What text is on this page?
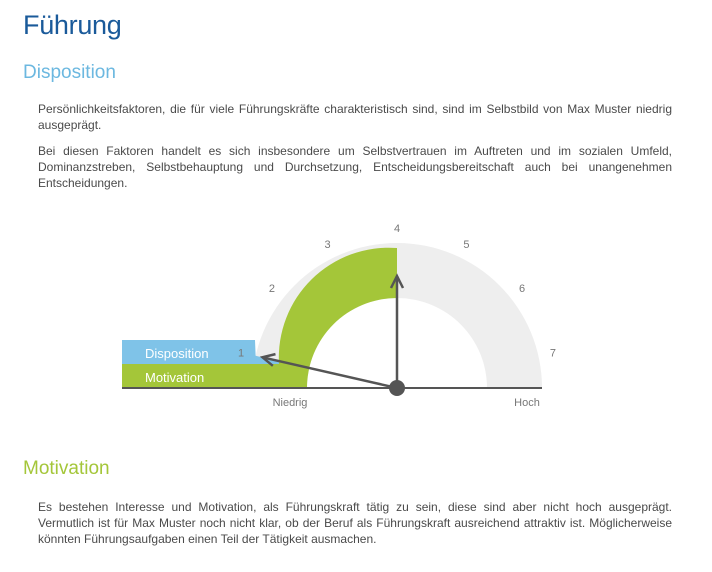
Führung
Disposition

Persönlichkeitsfaktoren, die für viele Führungskräfte charakteristisch sind, sind im Selbstbild von Max Muster niedrig ausgeprägt.

Bei diesen Faktoren handelt es sich insbesondere um Selbstvertrauen im Auftreten und im sozialen Umfeld, Dominanzstreben, Selbstbehauptung und Durchsetzung, Entscheidungsbereitschaft auch bei unangenehmen Entscheidungen.

Disposition
Motivation
1
2
3
4
5
6
7
Niedrig	Hoch
Motivation

Es bestehen Interesse und Motivation, als Führungskraft tätig zu sein, diese sind aber nicht hoch ausgeprägt. Vermutlich ist für Max Muster noch nicht klar, ob der Beruf als Führungskraft ausreichend attraktiv ist. Möglicherweise könnten Führungsaufgaben einen Teil der Tätigkeit ausmachen.
